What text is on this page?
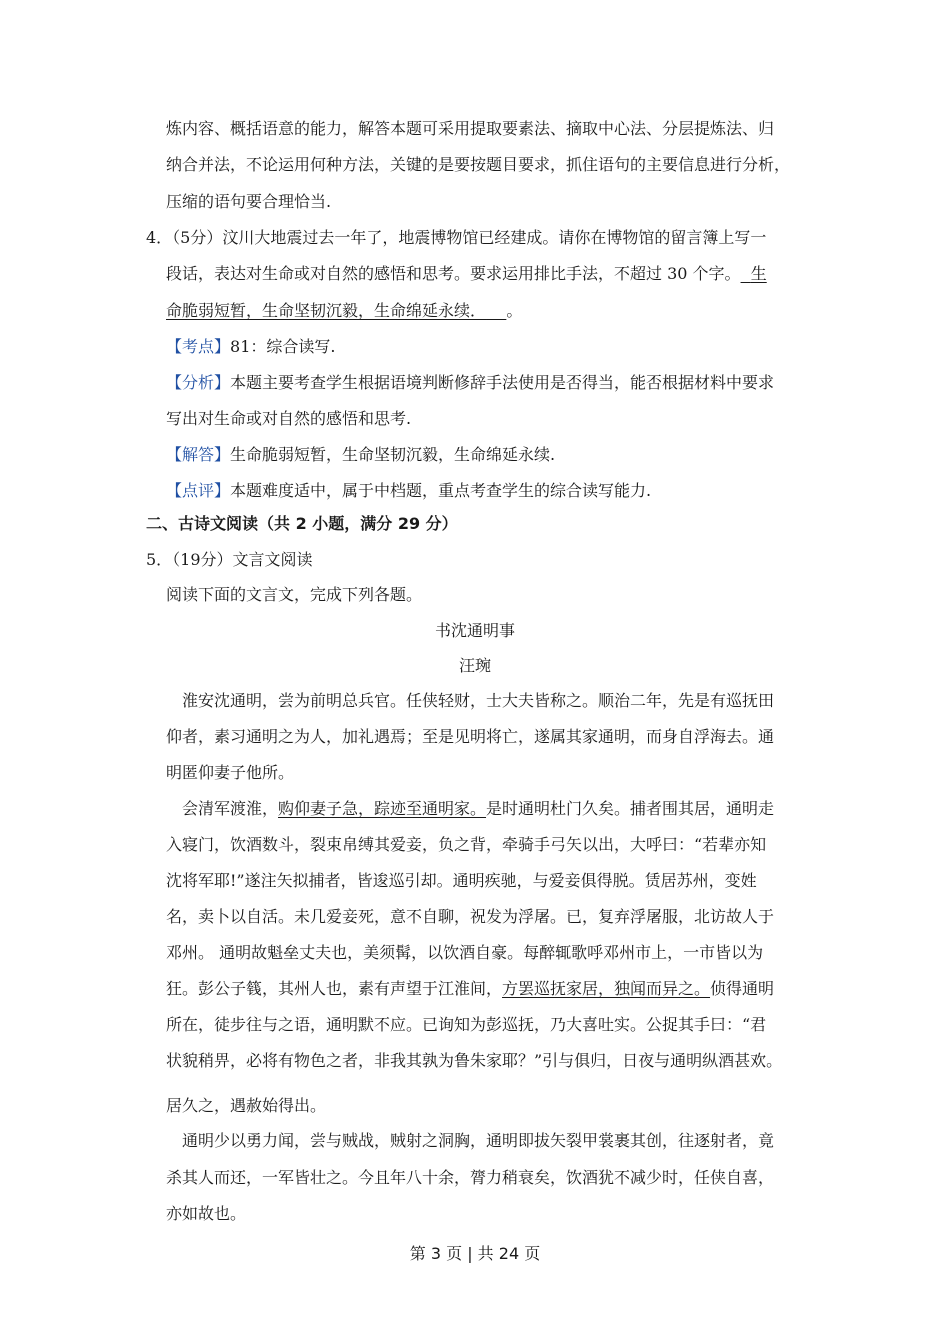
炼内容、概括语意的能力，解答本题可采用提取要素法、摘取中心法、分层提炼法、归
纳合并法，不论运用何种方法，关键的是要按题目要求，抓住语句的主要信息进行分析，
压缩的语句要合理恰当.
4．（5分）汶川大地震过去一年了，地震博物馆已经建成。请你在博物馆的留言簿上写一
段话，表达对生命或对自然的感悟和思考。要求运用排比手法，不超过 30 个字。 生
命脆弱短暂，生命坚韧沉毅，生命绵延永续． 。
【考点】81：综合读写.
【分析】本题主要考查学生根据语境判断修辞手法使用是否得当，能否根据材料中要求
写出对生命或对自然的感悟和思考.
【解答】生命脆弱短暂，生命坚韧沉毅，生命绵延永续.
【点评】本题难度适中，属于中档题，重点考查学生的综合读写能力.
二、古诗文阅读（共 2 小题，满分 29 分）
5．（19分）文言文阅读
阅读下面的文言文，完成下列各题。
书沈通明事
汪琬
淮安沈通明，尝为前明总兵官。任侠轻财，士大夫皆称之。顺治二年，先是有巡抚田
仰者，素习通明之为人，加礼遇焉；至是见明将亡，遂属其家通明，而身自浮海去。通
明匿仰妻子他所。
会清军渡淮，购仰妻子急，踪迹至通明家。是时通明杜门久矣。捕者围其居，通明走
入寝门，饮酒数斗，裂束帛缚其爱妾，负之背，牵骑手弓矢以出，大呼曰：“若辈亦知
沈将军耶!”遂注矢拟捕者，皆逡巡引却。通明疾驰，与爱妾俱得脱。赁居苏州，变姓
名，卖卜以自活。未几爱妾死，意不自聊，祝发为浮屠。已，复弃浮屠服，北访故人于
邓州。 通明故魁垒丈夫也，美须髯，以饮酒自豪。每醉辄歌呼邓州市上，一市皆以为
狂。彭公子篯，其州人也，素有声望于江淮间，方罢巡抚家居，独闻而异之。侦得通明
所在，徒步往与之语，通明默不应。已询知为彭巡抚，乃大喜吐实。公捉其手曰：“君
状貌稍畀，必将有物色之者，非我其孰为鲁朱家耶？”引与俱归，日夜与通明纵酒甚欢。
居久之，遇赦始得出。
通明少以勇力闻，尝与贼战，贼射之洞胸，通明即拔矢裂甲裳裹其创，往逐射者，竟
杀其人而还，一军皆壮之。今且年八十余，膂力稍衰矣，饮酒犹不减少时，任侠自喜，
亦如故也。
第 3 页 | 共 24 页
